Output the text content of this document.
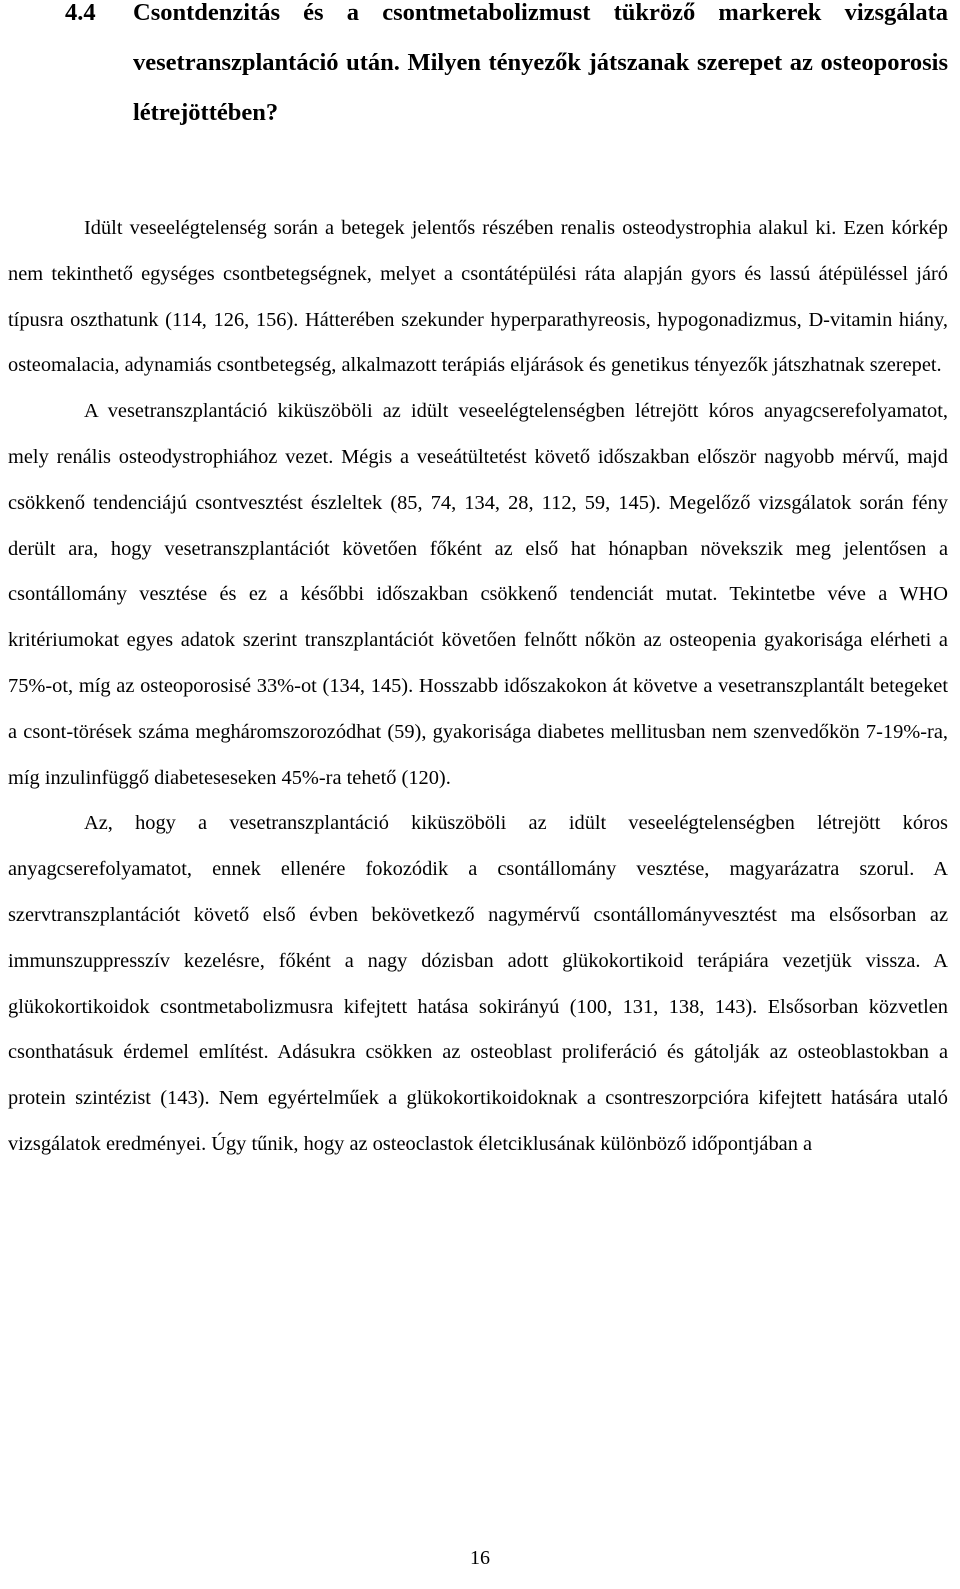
4.4 Csontdenzitás és a csontmetabolizmust tükröző markerek vizsgálata vesetranszplantáció után. Milyen tényezők játszanak szerepet az osteoporosis létrejöttében?

Idült veseelégtelenség során a betegek jelentős részében renalis osteodystrophia alakul ki. Ezen kórkép nem tekinthető egységes csontbetegségnek, melyet a csontátépülési ráta alapján gyors és lassú átépüléssel járó típusra oszthatunk (114, 126, 156). Hátterében szekunder hyperparathyreosis, hypogonadizmus, D-vitamin hiány, osteomalacia, adynamiás csontbetegség, alkalmazott terápiás eljárások és genetikus tényezők játszhatnak szerepet.

A vesetranszplantáció kiküszöböli az idült veseelégtelenségben létrejött kóros anyagcserefolyamatot, mely renális osteodystrophiához vezet. Mégis a veseátültetést követő időszakban először nagyobb mérvű, majd csökkenő tendenciájú csontvesztést észleltek (85, 74, 134, 28, 112, 59, 145). Megelőző vizsgálatok során fény derült ara, hogy vesetranszplantációt követően főként az első hat hónapban növekszik meg jelentősen a csontállomány vesztése és ez a későbbi időszakban csökkenő tendenciát mutat. Tekintetbe véve a WHO kritériumokat egyes adatok szerint transzplantációt követően felnőtt nőkön az osteopenia gyakorisága elérheti a 75%-ot, míg az osteoporosisé 33%-ot (134, 145). Hosszabb időszakokon át követve a vesetranszplantált betegeket a csont-törések száma megháromszorozódhat (59), gyakorisága diabetes mellitusban nem szenvedőkön 7-19%-ra, míg inzulinfüggő diabeteseseken 45%-ra tehető (120).

Az, hogy a vesetranszplantáció kiküszöböli az idült veseelégtelenségben létrejött kóros anyagcserefolyamatot, ennek ellenére fokozódik a csontállomány vesztése, magyarázatra szorul. A szervtranszplantációt követő első évben bekövetkező nagymérvű csontállományvesztést ma elsősorban az immunszuppresszív kezelésre, főként a nagy dózisban adott glükokortikoid terápiára vezetjük vissza. A glükokortikoidok csontmetabolizmusra kifejtett hatása sokirányú (100, 131, 138, 143). Elsősorban közvetlen csonthatásuk érdemel említést. Adásukra csökken az osteoblast proliferáció és gátolják az osteoblastokban a protein szintézist (143). Nem egyértelműek a glükokortikoidoknak a csontreszorpcióra kifejtett hatására utaló vizsgálatok eredményei. Úgy tűnik, hogy az osteoclastok életciklusának különböző időpontjában a

16
